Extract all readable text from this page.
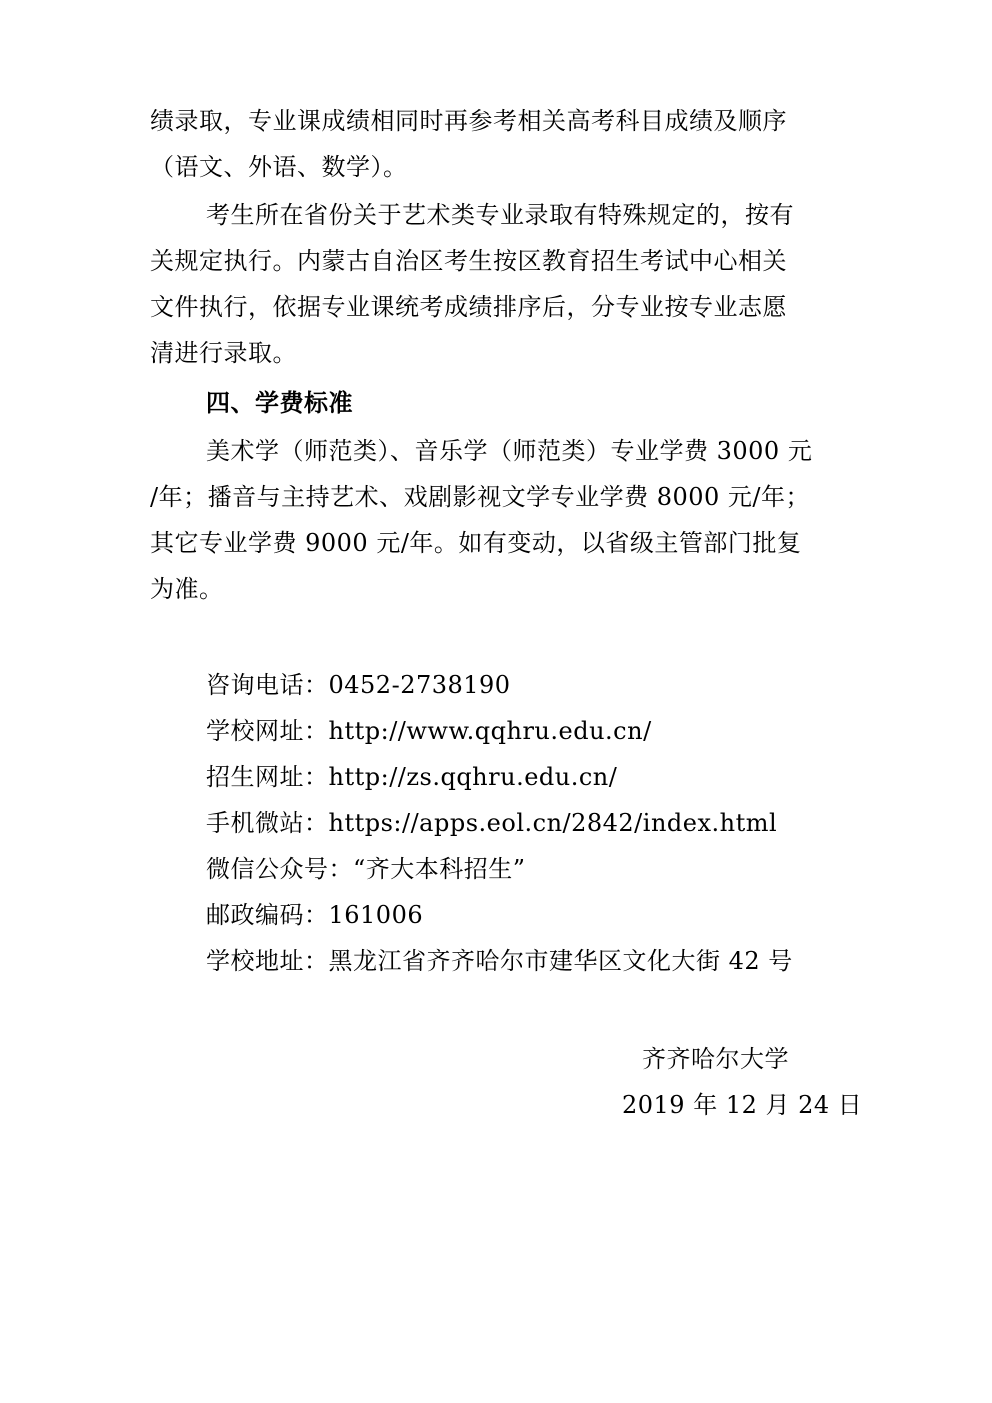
绩录取，专业课成绩相同时再参考相关高考科目成绩及顺序
（语文、外语、数学）。
考生所在省份关于艺术类专业录取有特殊规定的，按有
关规定执行。内蒙古自治区考生按区教育招生考试中心相关
文件执行，依据专业课统考成绩排序后，分专业按专业志愿
清进行录取。
四、学费标准
美术学（师范类）、音乐学（师范类）专业学费 3000 元
/年；播音与主持艺术、戏剧影视文学专业学费 8000 元/年；
其它专业学费 9000 元/年。如有变动，以省级主管部门批复
为准。
咨询电话：0452-2738190
学校网址：http://www.qqhru.edu.cn/
招生网址：http://zs.qqhru.edu.cn/
手机微站：https://apps.eol.cn/2842/index.html
微信公众号：“齐大本科招生”
邮政编码：161006
学校地址：黑龙江省齐齐哈尔市建华区文化大街 42 号
齐齐哈尔大学
2019 年 12 月 24 日
